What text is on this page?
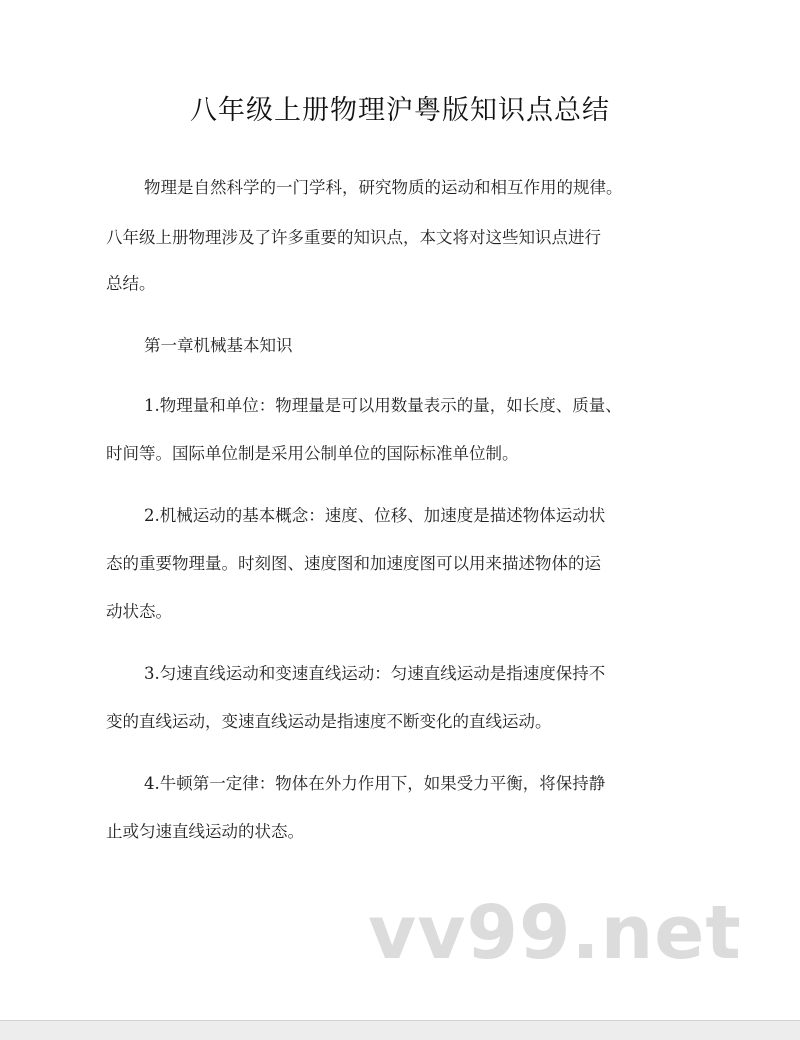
八年级上册物理沪粤版知识点总结
物理是自然科学的一门学科，研究物质的运动和相互作用的规律。
八年级上册物理涉及了许多重要的知识点，本文将对这些知识点进行
总结。
第一章机械基本知识
1.物理量和单位：物理量是可以用数量表示的量，如长度、质量、
时间等。国际单位制是采用公制单位的国际标准单位制。
2.机械运动的基本概念：速度、位移、加速度是描述物体运动状
态的重要物理量。时刻图、速度图和加速度图可以用来描述物体的运
动状态。
3.匀速直线运动和变速直线运动：匀速直线运动是指速度保持不
变的直线运动，变速直线运动是指速度不断变化的直线运动。
4.牛顿第一定律：物体在外力作用下，如果受力平衡，将保持静
止或匀速直线运动的状态。
vv99.net
